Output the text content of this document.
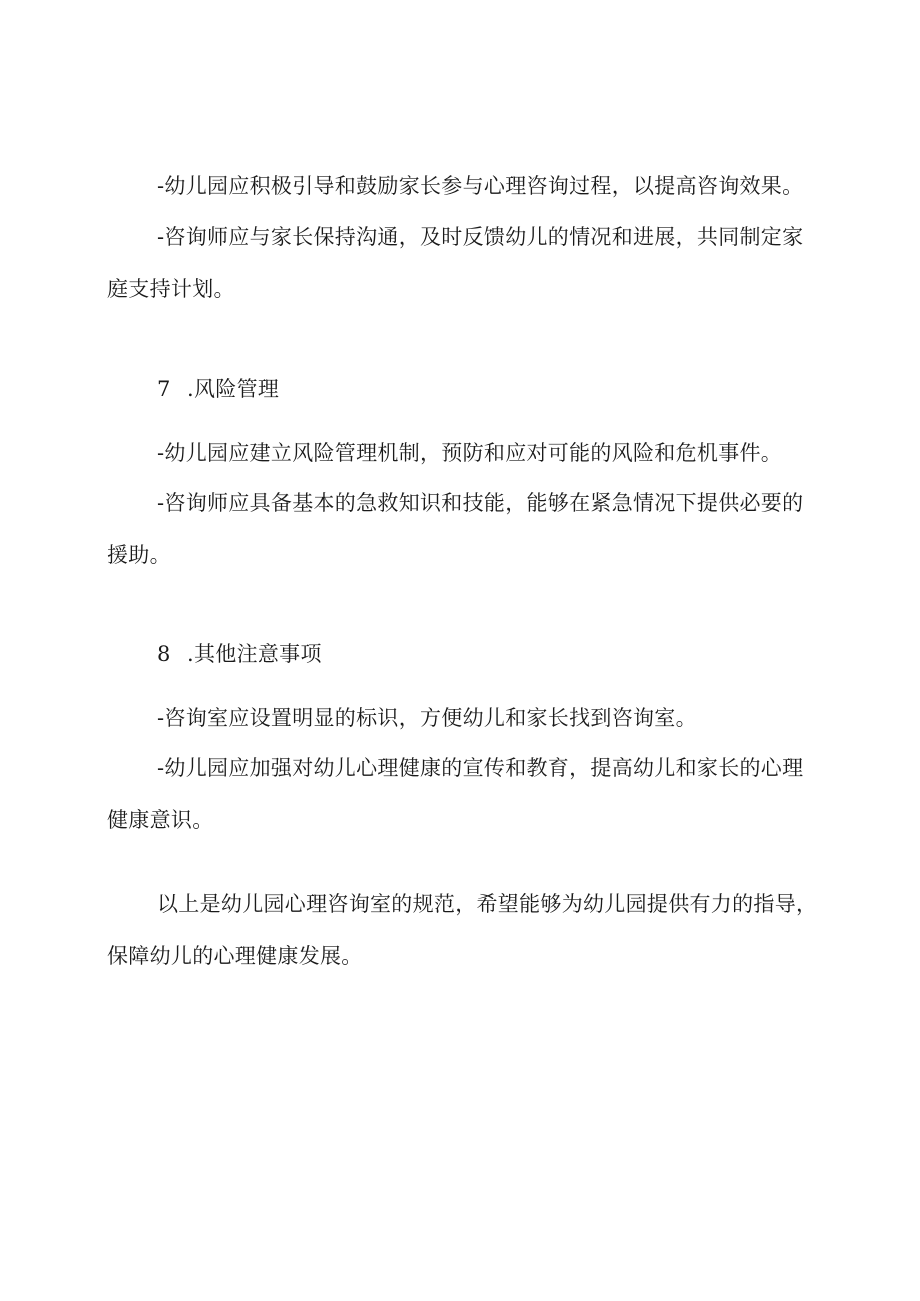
-幼儿园应积极引导和鼓励家长参与心理咨询过程，以提高咨询效果。

-咨询师应与家长保持沟通，及时反馈幼儿的情况和进展，共同制定家庭支持计划。

7 .风险管理

-幼儿园应建立风险管理机制，预防和应对可能的风险和危机事件。

-咨询师应具备基本的急救知识和技能，能够在紧急情况下提供必要的援助。

8 .其他注意事项

-咨询室应设置明显的标识，方便幼儿和家长找到咨询室。

-幼儿园应加强对幼儿心理健康的宣传和教育，提高幼儿和家长的心理健康意识。

以上是幼儿园心理咨询室的规范，希望能够为幼儿园提供有力的指导，保障幼儿的心理健康发展。
